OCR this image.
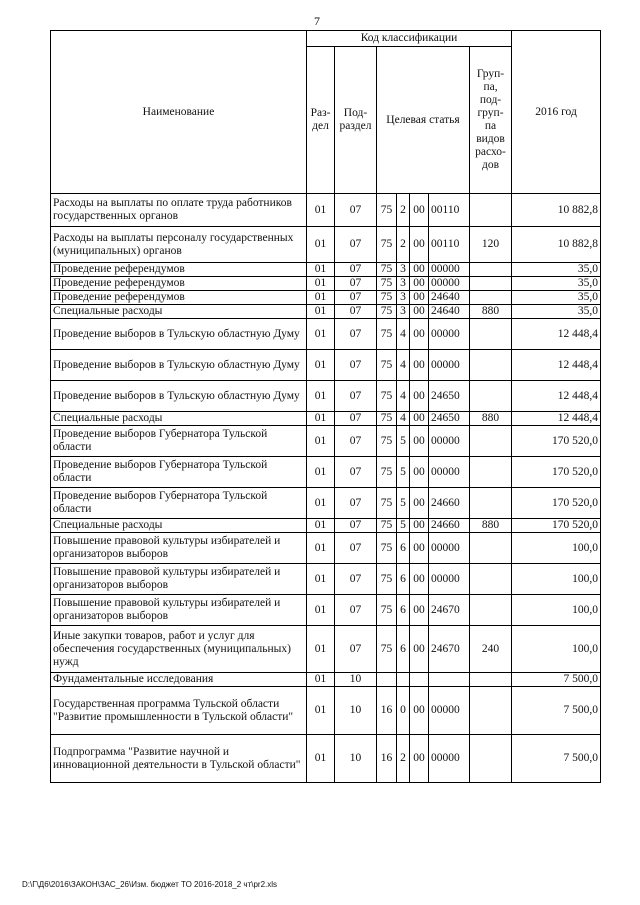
7
Наименование	Код классификации							2016 год
	Раз- дел	Под- раздел	Целевая статья				Груп- па, под- груп- па видов расхо- дов	
Расходы на выплаты по оплате труда работников государственных органов	01	07	75	2	00	00110		10 882,8
Расходы на выплаты персоналу государственных (муниципальных) органов	01	07	75	2	00	00110	120	10 882,8
Проведение референдумов	01	07	75	3	00	00000		35,0
Проведение референдумов	01	07	75	3	00	00000		35,0
Проведение референдумов	01	07	75	3	00	24640		35,0
Специальные расходы	01	07	75	3	00	24640	880	35,0
Проведение выборов в Тульскую областную Думу	01	07	75	4	00	00000		12 448,4
Проведение выборов в Тульскую областную Думу	01	07	75	4	00	00000		12 448,4
Проведение выборов в Тульскую областную Думу	01	07	75	4	00	24650		12 448,4
Специальные расходы	01	07	75	4	00	24650	880	12 448,4
Проведение выборов Губернатора Тульской области	01	07	75	5	00	00000		170 520,0
Проведение выборов Губернатора Тульской области	01	07	75	5	00	00000		170 520,0
Проведение выборов Губернатора Тульской области	01	07	75	5	00	24660		170 520,0
Специальные расходы	01	07	75	5	00	24660	880	170 520,0
Повышение правовой культуры избирателей и организаторов выборов	01	07	75	6	00	00000		100,0
Повышение правовой культуры избирателей и организаторов выборов	01	07	75	6	00	00000		100,0
Повышение правовой культуры избирателей и организаторов выборов	01	07	75	6	00	24670		100,0
Иные закупки товаров, работ и услуг для обеспечения государственных (муниципальных) нужд	01	07	75	6	00	24670	240	100,0
Фундаментальные исследования	01	10						7 500,0
Государственная программа Тульской области "Развитие промышленности в Тульской области"	01	10	16	0	00	00000		7 500,0
Подпрограмма "Развитие научной и инновационной деятельности в Тульской области"	01	10	16	2	00	00000		7 500,0
D:\Г\Д6\2016\ЗАКОН\ЗАС_26\Изм. бюджет ТО 2016-2018_2 чт\pr2.xls
